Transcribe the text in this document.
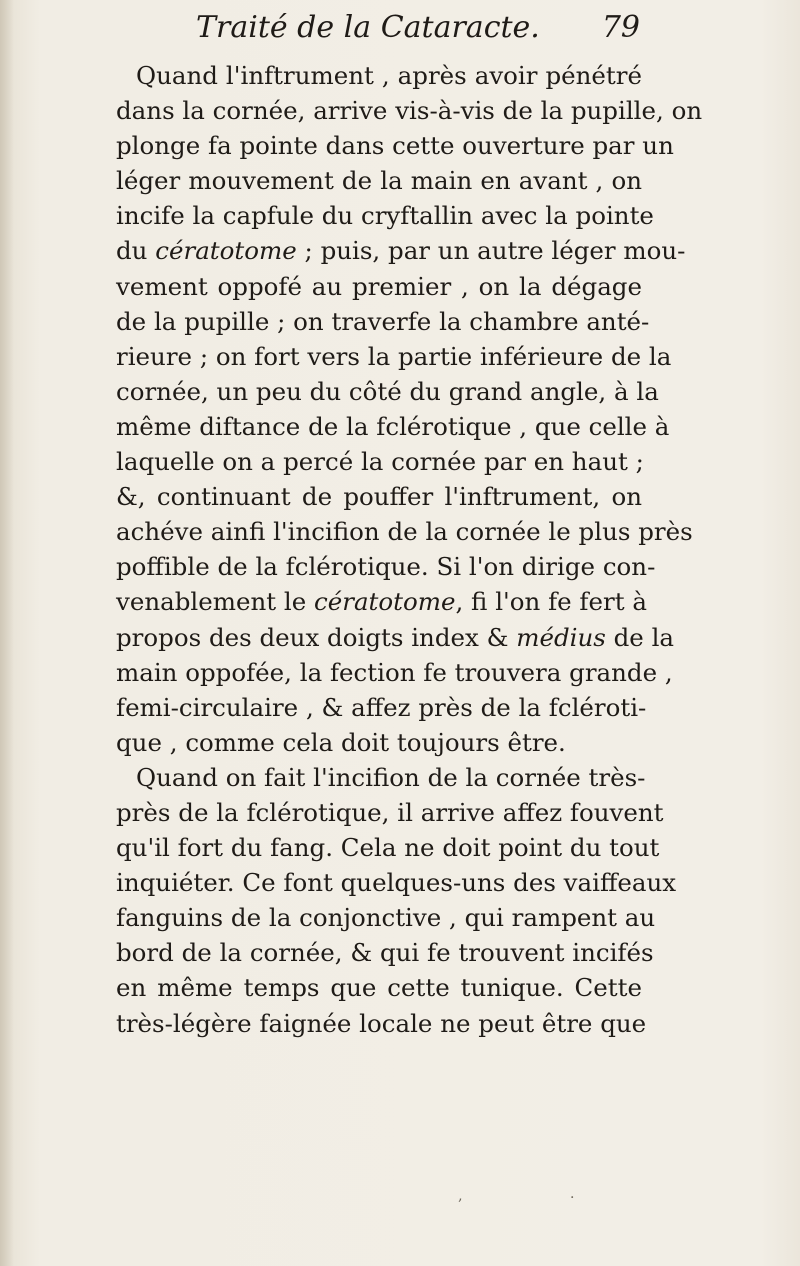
Traité de la Cataracte. 79
Quand l'inftrument , après avoir pénétré
dans la cornée, arrive vis-à-vis de la pupille, on
plonge fa pointe dans cette ouverture par un
léger mouvement de la main en avant , on
incife la capfule du cryftallin avec la pointe
du cératotome ; puis, par un autre léger mou-
vement oppofé au premier , on la dégage
de la pupille ; on traverfe la chambre anté-
rieure ; on fort vers la partie inférieure de la
cornée, un peu du côté du grand angle, à la
même diftance de la fclérotique , que celle à
laquelle on a percé la cornée par en haut ;
&, continuant de pouffer l'inftrument, on
achéve ainfi l'incifion de la cornée le plus près
poffible de la fclérotique. Si l'on dirige con-
venablement le cératotome, fi l'on fe fert à
propos des deux doigts index & médius de la
main oppofée, la fection fe trouvera grande ,
femi-circulaire , & affez près de la fcléroti-
que , comme cela doit toujours être.
Quand on fait l'incifion de la cornée très-
près de la fclérotique, il arrive affez fouvent
qu'il fort du fang. Cela ne doit point du tout
inquiéter. Ce font quelques-uns des vaiffeaux
fanguins de la conjonctive , qui rampent au
bord de la cornée, & qui fe trouvent incifés
en même temps que cette tunique. Cette
très-légère faignée locale ne peut être que
‚	·
